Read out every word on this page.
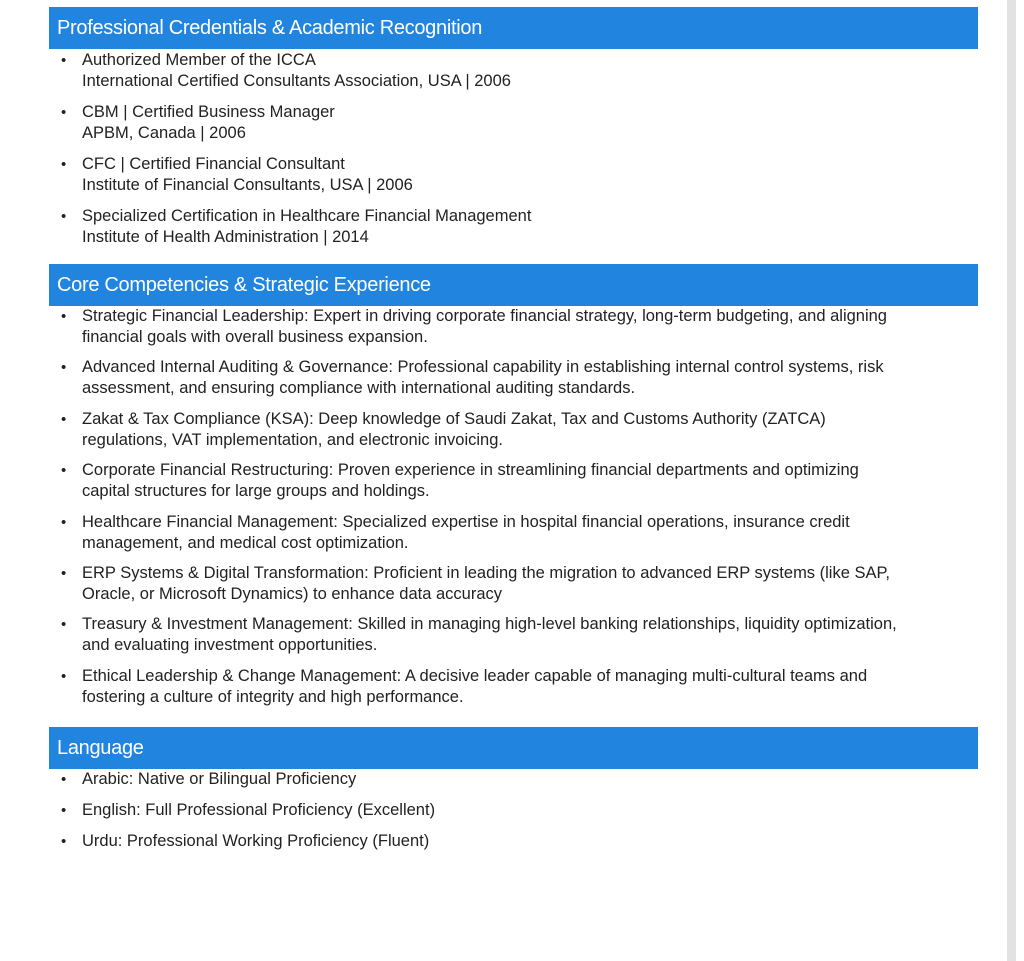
Professional Credentials & Academic Recognition
• Authorized Member of the ICCA
International Certified Consultants Association, USA | 2006
• CBM | Certified Business Manager
APBM, Canada | 2006
• CFC | Certified Financial Consultant
Institute of Financial Consultants, USA | 2006
• Specialized Certification in Healthcare Financial Management
Institute of Health Administration | 2014
Core Competencies & Strategic Experience
• Strategic Financial Leadership: Expert in driving corporate financial strategy, long-term budgeting, and aligning
financial goals with overall business expansion.
• Advanced Internal Auditing & Governance: Professional capability in establishing internal control systems, risk
assessment, and ensuring compliance with international auditing standards.
• Zakat & Tax Compliance (KSA): Deep knowledge of Saudi Zakat, Tax and Customs Authority (ZATCA)
regulations, VAT implementation, and electronic invoicing.
• Corporate Financial Restructuring: Proven experience in streamlining financial departments and optimizing
capital structures for large groups and holdings.
• Healthcare Financial Management: Specialized expertise in hospital financial operations, insurance credit
management, and medical cost optimization.
• ERP Systems & Digital Transformation: Proficient in leading the migration to advanced ERP systems (like SAP,
Oracle, or Microsoft Dynamics) to enhance data accuracy
• Treasury & Investment Management: Skilled in managing high-level banking relationships, liquidity optimization,
and evaluating investment opportunities.
• Ethical Leadership & Change Management: A decisive leader capable of managing multi-cultural teams and
fostering a culture of integrity and high performance.
Language
• Arabic: Native or Bilingual Proficiency
• English: Full Professional Proficiency (Excellent)
• Urdu: Professional Working Proficiency (Fluent)
